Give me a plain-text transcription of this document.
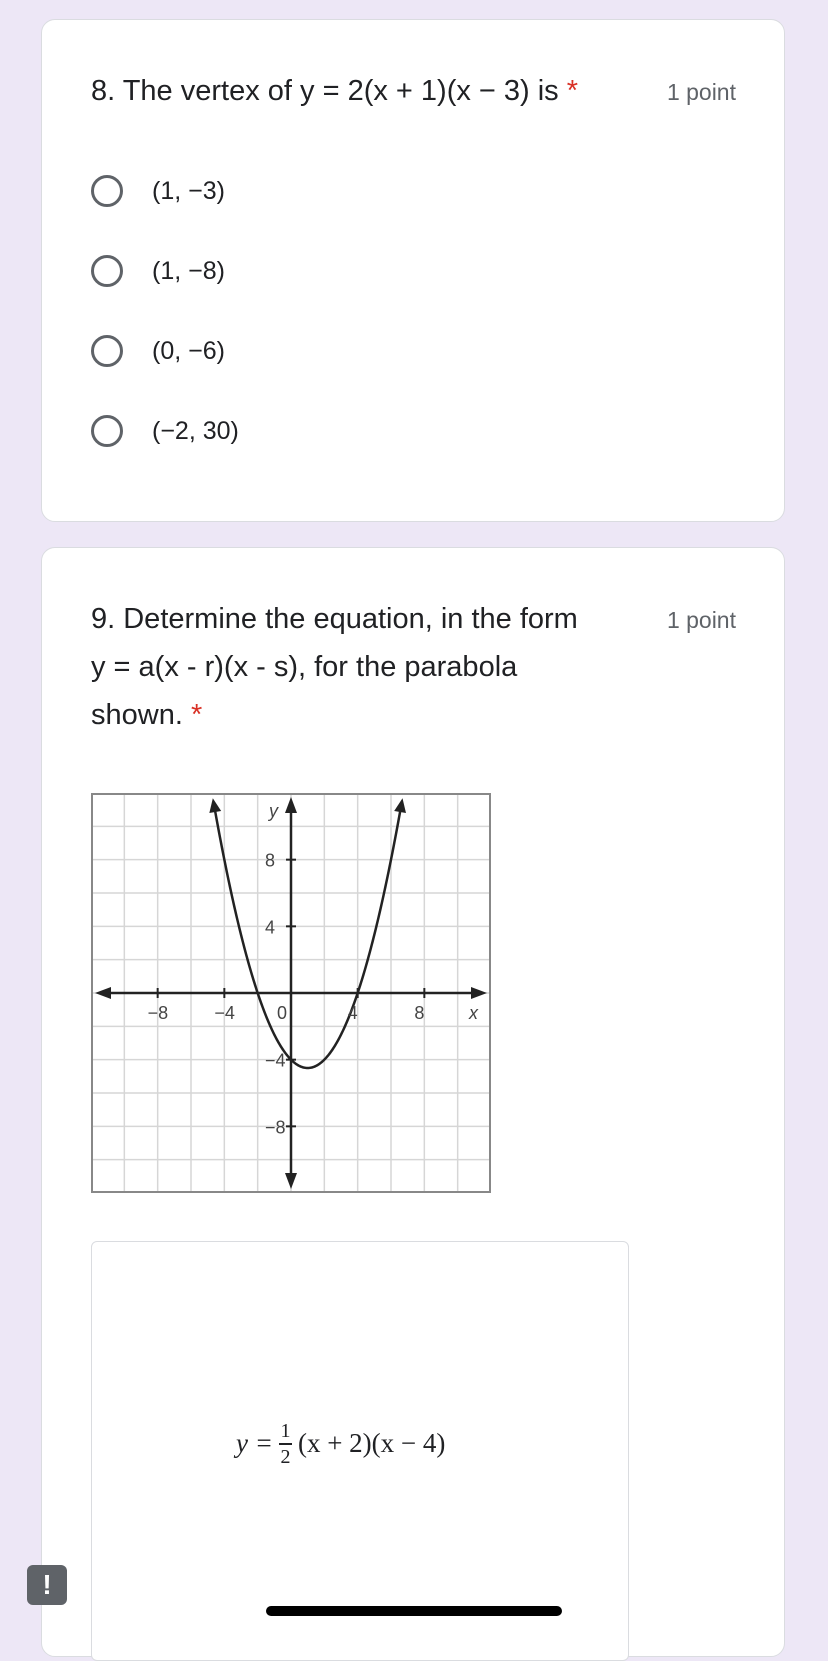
8. The vertex of y = 2(x + 1)(x − 3) is *	1 point
(1, −3)
(1, −8)
(0, −6)
(−2, 30)
9. Determine the equation, in the form	1 point
y = a(x - r)(x - s), for the parabola
shown. *
−8	−4 0	4	8
8
4
−4
−8
y
x
$y = \frac{1}{2} (x + 2)(x - 4)$
!
